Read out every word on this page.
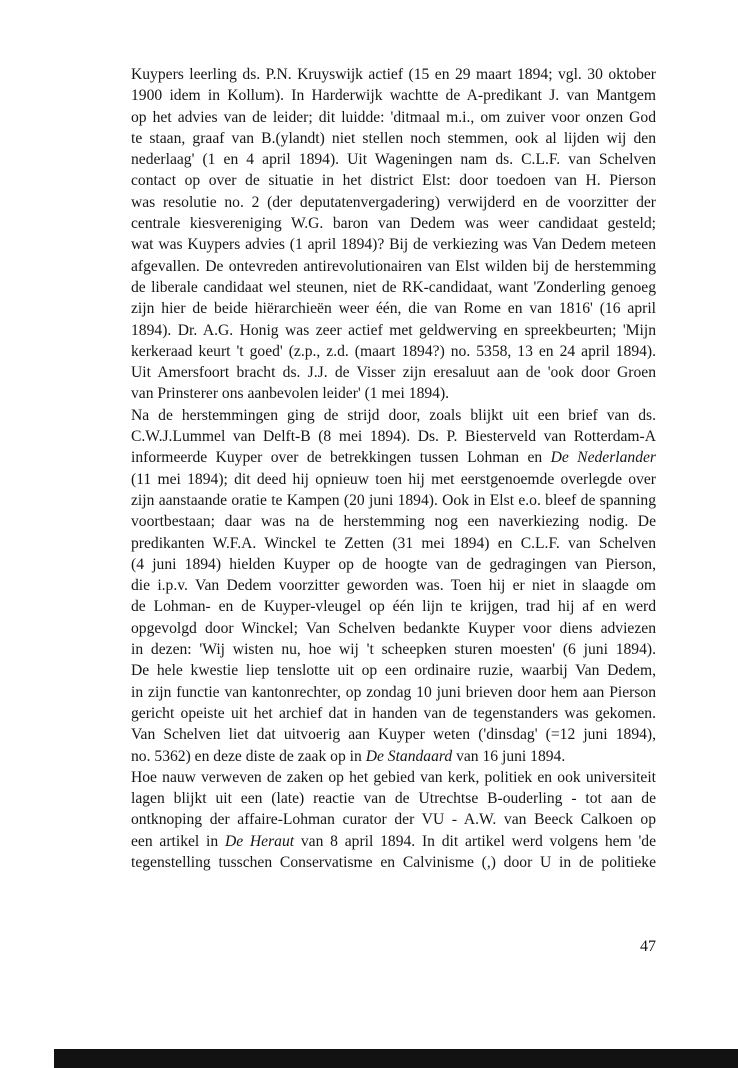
Kuypers leerling ds. P.N. Kruyswijk actief (15 en 29 maart 1894; vgl. 30 oktober
1900 idem in Kollum). In Harderwijk wachtte de A-predikant J. van Mantgem
op het advies van de leider; dit luidde: 'ditmaal m.i., om zuiver voor onzen God
te staan, graaf van B.(ylandt) niet stellen noch stemmen, ook al lijden wij den
nederlaag' (1 en 4 april 1894). Uit Wageningen nam ds. C.L.F. van Schelven
contact op over de situatie in het district Elst: door toedoen van H. Pierson
was resolutie no. 2 (der deputatenvergadering) verwijderd en de voorzitter der
centrale kiesvereniging W.G. baron van Dedem was weer candidaat gesteld;
wat was Kuypers advies (1 april 1894)? Bij de verkiezing was Van Dedem meteen
afgevallen. De ontevreden antirevolutionairen van Elst wilden bij de herstemming
de liberale candidaat wel steunen, niet de RK-candidaat, want 'Zonderling genoeg
zijn hier de beide hiërarchieën weer één, die van Rome en van 1816' (16 april
1894). Dr. A.G. Honig was zeer actief met geldwerving en spreekbeurten; 'Mijn
kerkeraad keurt 't goed' (z.p., z.d. (maart 1894?) no. 5358, 13 en 24 april 1894).
Uit Amersfoort bracht ds. J.J. de Visser zijn eresaluut aan de 'ook door Groen
van Prinsterer ons aanbevolen leider' (1 mei 1894).
Na de herstemmingen ging de strijd door, zoals blijkt uit een brief van ds.
C.W.J.Lummel van Delft-B (8 mei 1894). Ds. P. Biesterveld van Rotterdam-A
informeerde Kuyper over de betrekkingen tussen Lohman en De Nederlander
(11 mei 1894); dit deed hij opnieuw toen hij met eerstgenoemde overlegde over
zijn aanstaande oratie te Kampen (20 juni 1894). Ook in Elst e.o. bleef de spanning
voortbestaan; daar was na de herstemming nog een naverkiezing nodig. De
predikanten W.F.A. Winckel te Zetten (31 mei 1894) en C.L.F. van Schelven
(4 juni 1894) hielden Kuyper op de hoogte van de gedragingen van Pierson,
die i.p.v. Van Dedem voorzitter geworden was. Toen hij er niet in slaagde om
de Lohman- en de Kuyper-vleugel op één lijn te krijgen, trad hij af en werd
opgevolgd door Winckel; Van Schelven bedankte Kuyper voor diens adviezen
in dezen: 'Wij wisten nu, hoe wij 't scheepken sturen moesten' (6 juni 1894).
De hele kwestie liep tenslotte uit op een ordinaire ruzie, waarbij Van Dedem,
in zijn functie van kantonrechter, op zondag 10 juni brieven door hem aan Pierson
gericht opeiste uit het archief dat in handen van de tegenstanders was gekomen.
Van Schelven liet dat uitvoerig aan Kuyper weten ('dinsdag' (=12 juni 1894),
no. 5362) en deze diste de zaak op in De Standaard van 16 juni 1894.
Hoe nauw verweven de zaken op het gebied van kerk, politiek en ook universiteit
lagen blijkt uit een (late) reactie van de Utrechtse B-ouderling - tot aan de
ontknoping der affaire-Lohman curator der VU - A.W. van Beeck Calkoen op
een artikel in De Heraut van 8 april 1894. In dit artikel werd volgens hem 'de
tegenstelling tusschen Conservatisme en Calvinisme (,) door U in de politieke
47
